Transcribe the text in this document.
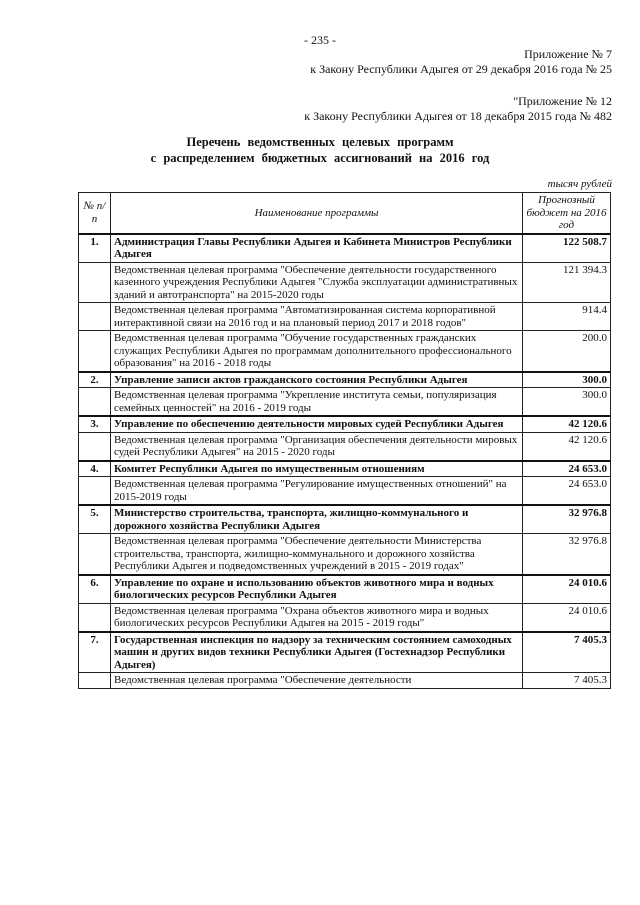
- 235 -
Приложение № 7
к Закону Республики Адыгея от 29 декабря 2016 года № 25
"Приложение № 12
к Закону Республики Адыгея от 18 декабря 2015 года № 482
Перечень ведомственных целевых программ
с распределением бюджетных ассигнований на 2016 год
тысяч рублей
№ п/п	Наименование программы	Прогнозный бюджет на 2016 год
1.	Администрация Главы Республики Адыгея и Кабинета Министров Республики Адыгея	122 508.7
	Ведомственная целевая программа "Обеспечение деятельности государственного казенного учреждения Республики Адыгея "Служба эксплуатации административных зданий и автотранспорта" на 2015-2020 годы	121 394.3
	Ведомственная целевая программа "Автоматизированная система корпоративной интерактивной связи на 2016 год и на плановый период 2017 и 2018 годов"	914.4
	Ведомственная целевая программа "Обучение государственных гражданских служащих Республики Адыгея по программам дополнительного профессионального образования" на 2016 - 2018 годы	200.0
2.	Управление записи актов гражданского состояния Республики Адыгея	300.0
	Ведомственная целевая программа "Укрепление института семьи, популяризация семейных ценностей" на 2016 - 2019 годы	300.0
3.	Управление по обеспечению деятельности мировых судей Республики Адыгея	42 120.6
	Ведомственная целевая программа "Организация обеспечения деятельности мировых судей Республики Адыгея" на 2015 - 2020 годы	42 120.6
4.	Комитет Республики Адыгея по имущественным отношениям	24 653.0
	Ведомственная целевая программа "Регулирование имущественных отношений" на 2015-2019 годы	24 653.0
5.	Министерство строительства, транспорта, жилищно-коммунального и дорожного хозяйства Республики Адыгея	32 976.8
	Ведомственная целевая программа "Обеспечение деятельности Министерства строительства, транспорта, жилищно-коммунального и дорожного хозяйства Республики Адыгея и подведомственных учреждений в 2015 - 2019 годах"	32 976.8
6.	Управление по охране и использованию объектов животного мира и водных биологических ресурсов Республики Адыгея	24 010.6
	Ведомственная целевая программа "Охрана объектов животного мира и водных биологических ресурсов Республики Адыгея на 2015 - 2019 годы"	24 010.6
7.	Государственная инспекция по надзору за техническим состоянием самоходных машин и других видов техники Республики Адыгея (Гостехнадзор Республики Адыгея)	7 405.3
	Ведомственная целевая программа "Обеспечение деятельности	7 405.3
